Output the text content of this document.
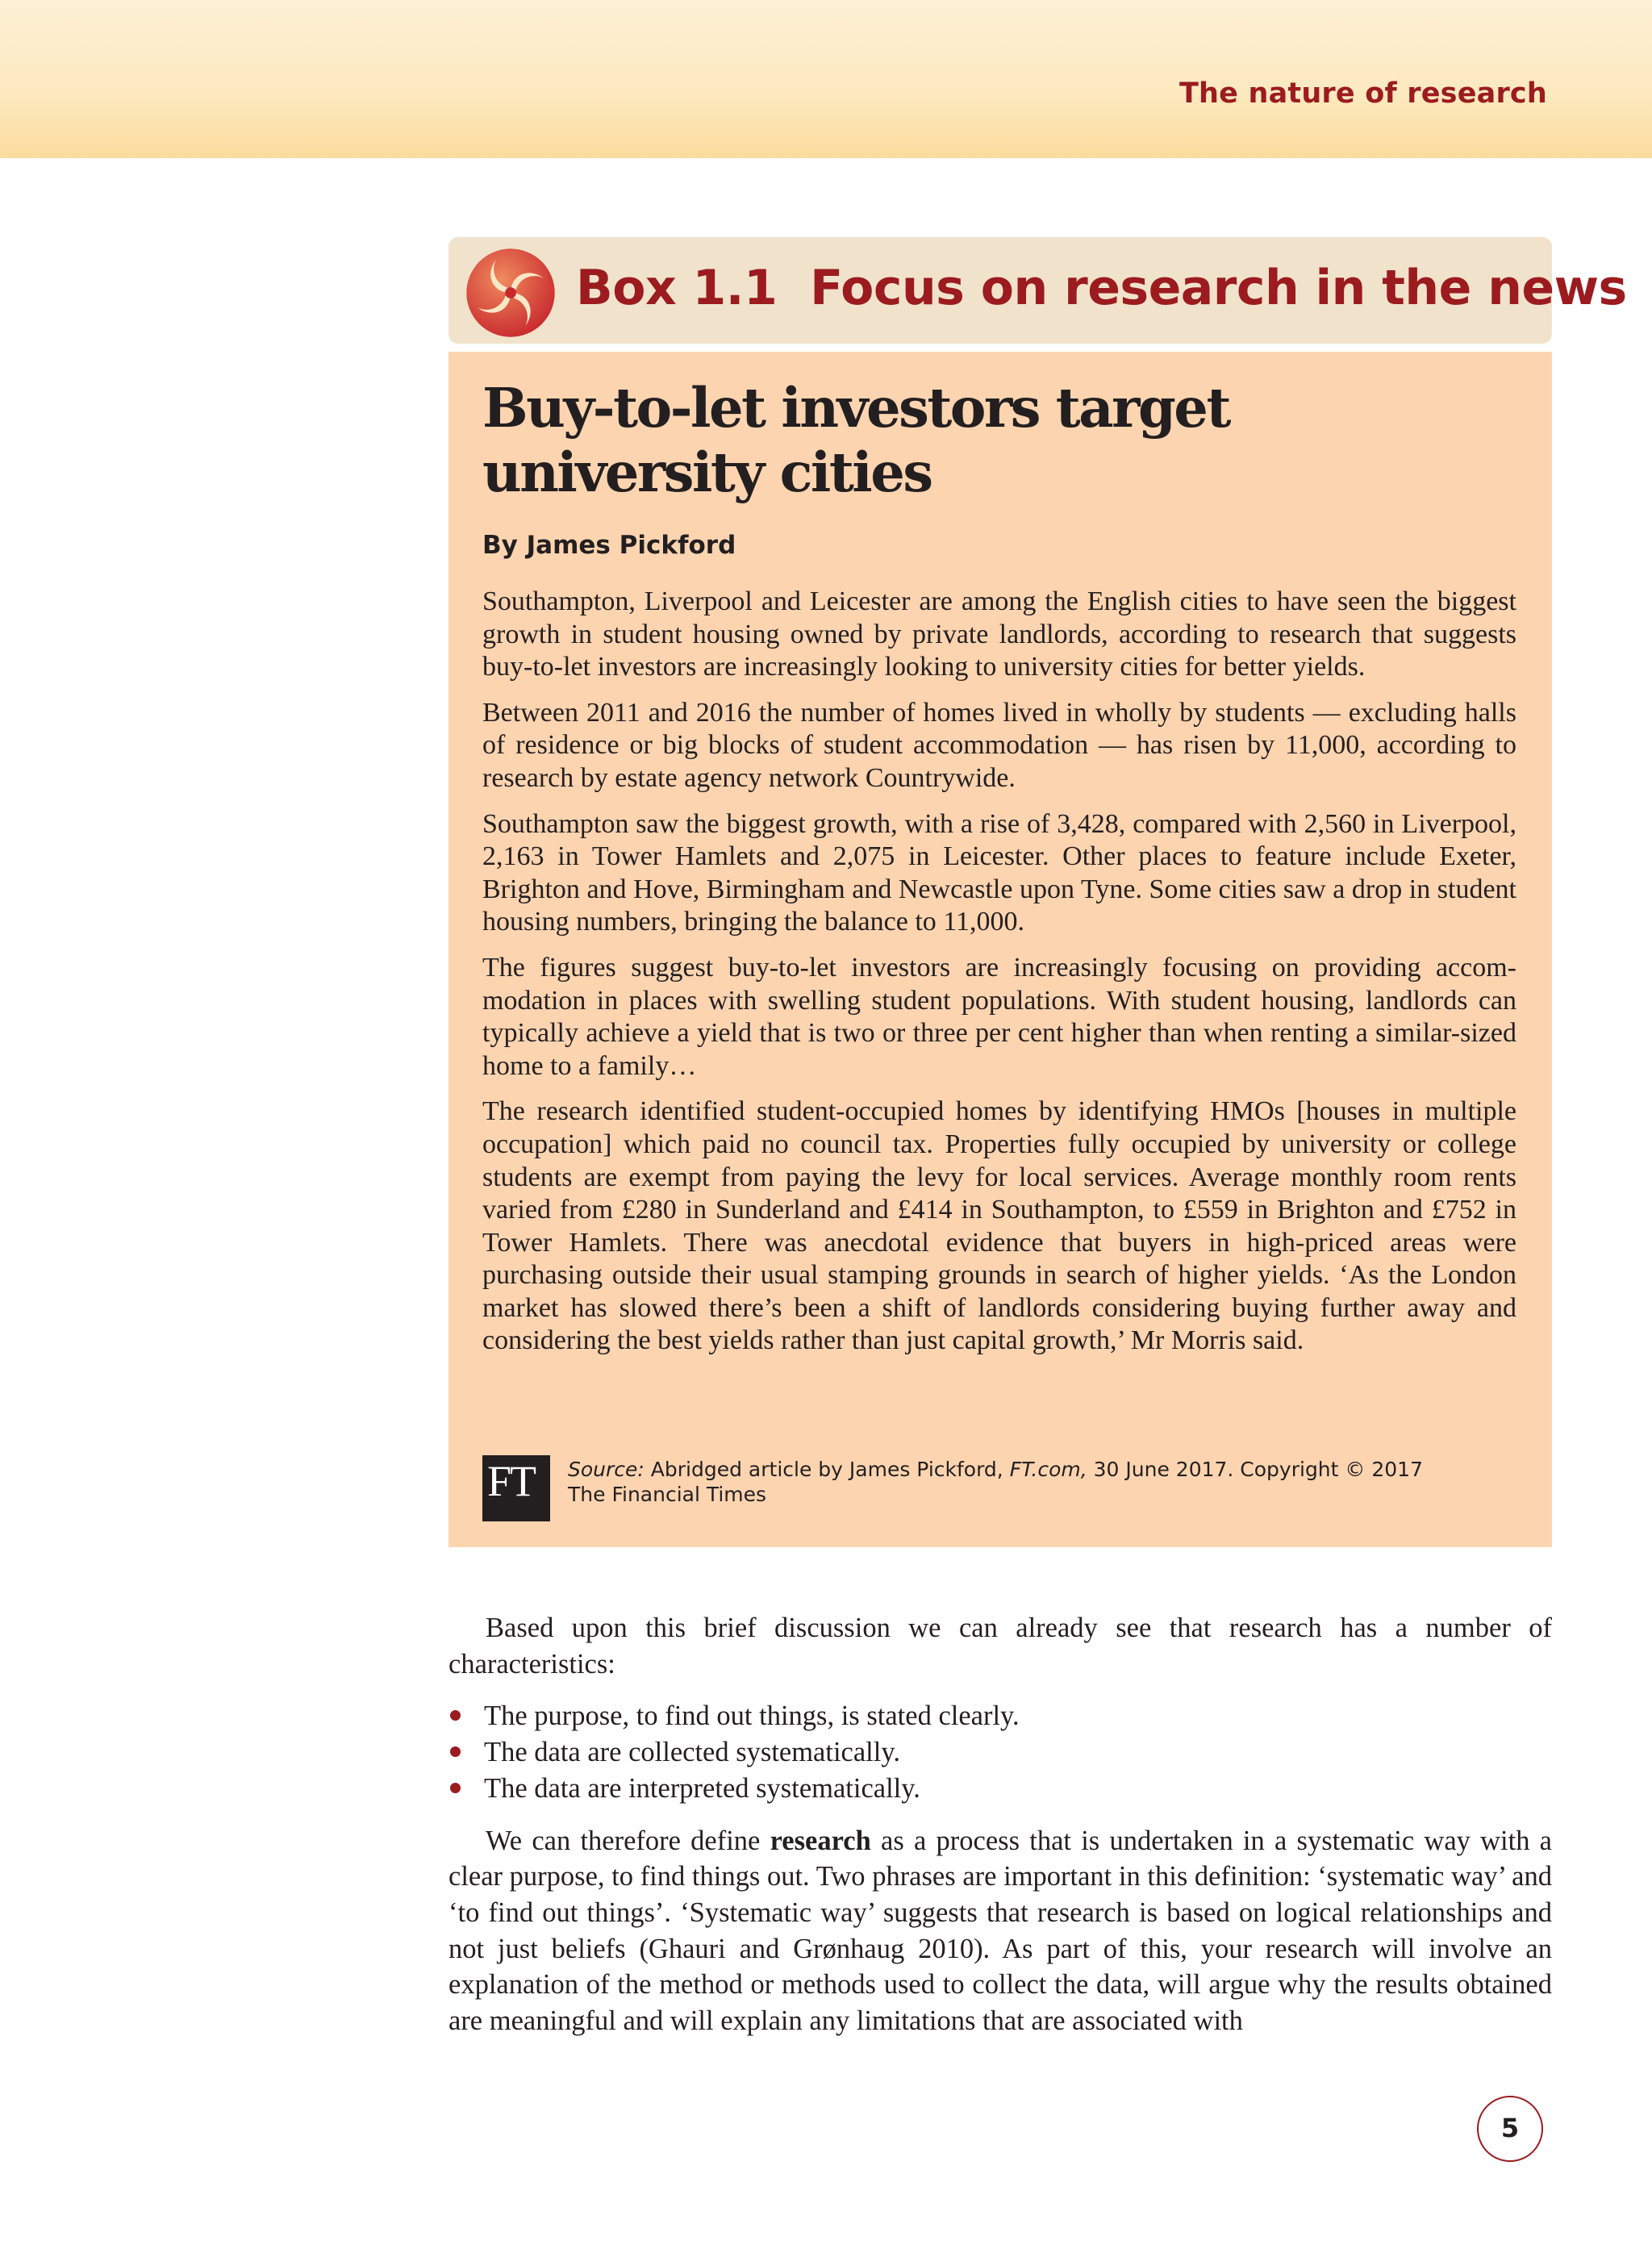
The nature of research
Box 1.1 Focus on research in the news
Buy-to-let investors target university cities
By James Pickford

Southampton, Liverpool and Leicester are among the English cities to have seen the biggest growth in student housing owned by private landlords, according to research that suggests buy-to-let investors are increasingly looking to university cities for better yields.

Between 2011 and 2016 the number of homes lived in wholly by students — excluding halls of residence or big blocks of student accommodation — has risen by 11,000, according to research by estate agency network Countrywide.

Southampton saw the biggest growth, with a rise of 3,428, compared with 2,560 in Liverpool, 2,163 in Tower Hamlets and 2,075 in Leicester. Other places to feature include Exeter, Brighton and Hove, Birmingham and Newcastle upon Tyne. Some cities saw a drop in student housing numbers, bringing the balance to 11,000.

The figures suggest buy-to-let investors are increasingly focusing on providing accommodation in places with swelling student populations. With student housing, landlords can typically achieve a yield that is two or three per cent higher than when renting a similar-sized home to a family…

The research identified student-occupied homes by identifying HMOs [houses in multiple occupation] which paid no council tax. Properties fully occupied by university or college students are exempt from paying the levy for local services. Average monthly room rents varied from £280 in Sunderland and £414 in Southampton, to £559 in Brighton and £752 in Tower Hamlets. There was anecdotal evidence that buyers in high-priced areas were purchasing outside their usual stamping grounds in search of higher yields. ‘As the London market has slowed there’s been a shift of landlords considering buying further away and considering the best yields rather than just capital growth,’ Mr Morris said.

FT	Source: Abridged article by James Pickford, FT.com, 30 June 2017. Copyright © 2017
The Financial Times

Based upon this brief discussion we can already see that research has a number of characteristics:

The purpose, to find out things, is stated clearly.
The data are collected systematically.
The data are interpreted systematically.

We can therefore define research as a process that is undertaken in a systematic way with a clear purpose, to find things out. Two phrases are important in this definition: ‘systematic way’ and ‘to find out things’. ‘Systematic way’ suggests that research is based on logical relationships and not just beliefs (Ghauri and Grønhaug 2010). As part of this, your research will involve an explanation of the method or methods used to collect the data, will argue why the results obtained are meaningful and will explain any limitations that are associated with

5
